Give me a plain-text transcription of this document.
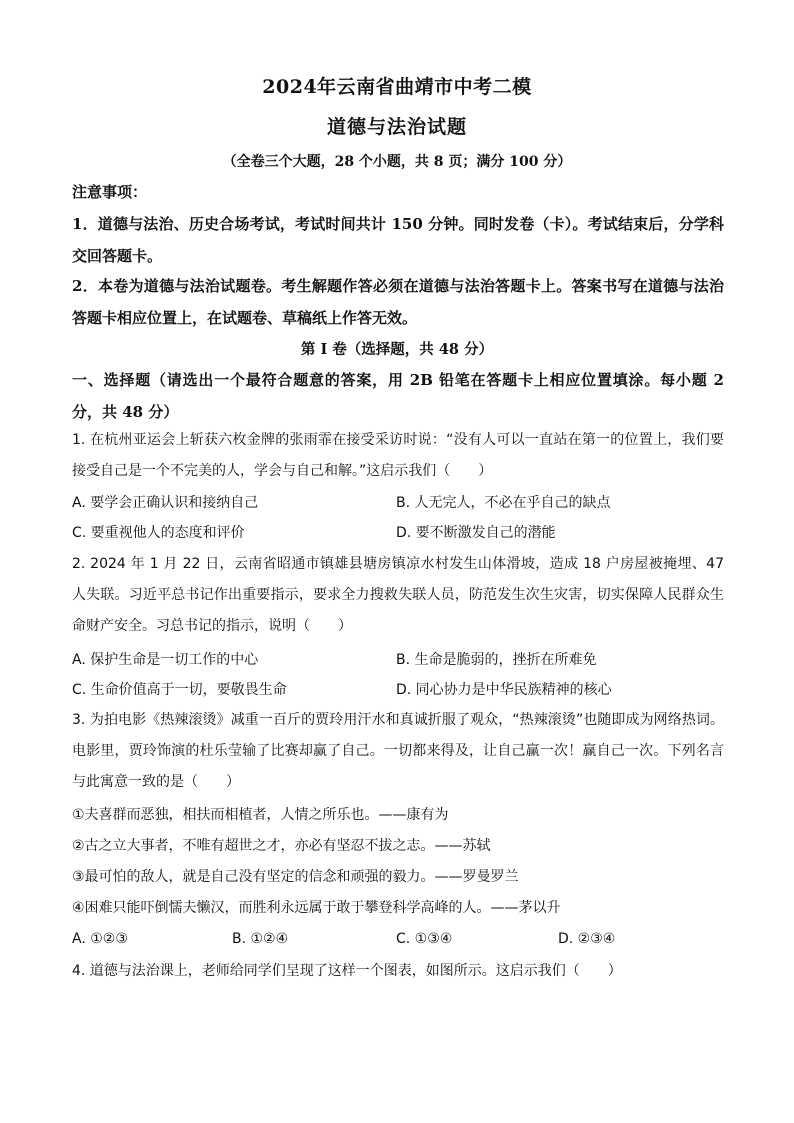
2024年云南省曲靖市中考二模
道德与法治试题
（全卷三个大题，28 个小题，共 8 页；满分 100 分）
注意事项：
1．道德与法治、历史合场考试，考试时间共计 150 分钟。同时发卷（卡）。考试结束后，分学科交回答题卡。
2．本卷为道德与法治试题卷。考生解题作答必须在道德与法治答题卡上。答案书写在道德与法治答题卡相应位置上，在试题卷、草稿纸上作答无效。
第 I 卷（选择题，共 48 分）
一、选择题（请选出一个最符合题意的答案，用 2B 铅笔在答题卡上相应位置填涂。每小题 2 分，共 48 分）
1. 在杭州亚运会上斩获六枚金牌的张雨霏在接受采访时说：“没有人可以一直站在第一的位置上，我们要接受自己是一个不完美的人，学会与自己和解。”这启示我们（　　）
A. 要学会正确认识和接纳自己	B. 人无完人，不必在乎自己的缺点
C. 要重视他人的态度和评价	D. 要不断激发自己的潜能
2. 2024 年 1 月 22 日，云南省昭通市镇雄县塘房镇凉水村发生山体滑坡，造成 18 户房屋被掩埋、47 人失联。习近平总书记作出重要指示，要求全力搜救失联人员，防范发生次生灾害，切实保障人民群众生命财产安全。习总书记的指示，说明（　　）
A. 保护生命是一切工作的中心	B. 生命是脆弱的，挫折在所难免
C. 生命价值高于一切，要敬畏生命	D. 同心协力是中华民族精神的核心
3. 为拍电影《热辣滚烫》减重一百斤的贾玲用汗水和真诚折服了观众，“热辣滚烫”也随即成为网络热词。电影里，贾玲饰演的杜乐莹输了比赛却赢了自己。一切都来得及，让自己赢一次！赢自己一次。下列名言与此寓意一致的是（　　）
①夫喜群而恶独，相扶而相植者，人情之所乐也。——康有为
②古之立大事者，不唯有超世之才，亦必有坚忍不拔之志。——苏轼
③最可怕的敌人，就是自己没有坚定的信念和顽强的毅力。——罗曼罗兰
④困难只能吓倒懦夫懒汉，而胜利永远属于敢于攀登科学高峰的人。——茅以升
A. ①②③	B. ①②④	C. ①③④	D. ②③④
4. 道德与法治课上，老师给同学们呈现了这样一个图表，如图所示。这启示我们（　　）
